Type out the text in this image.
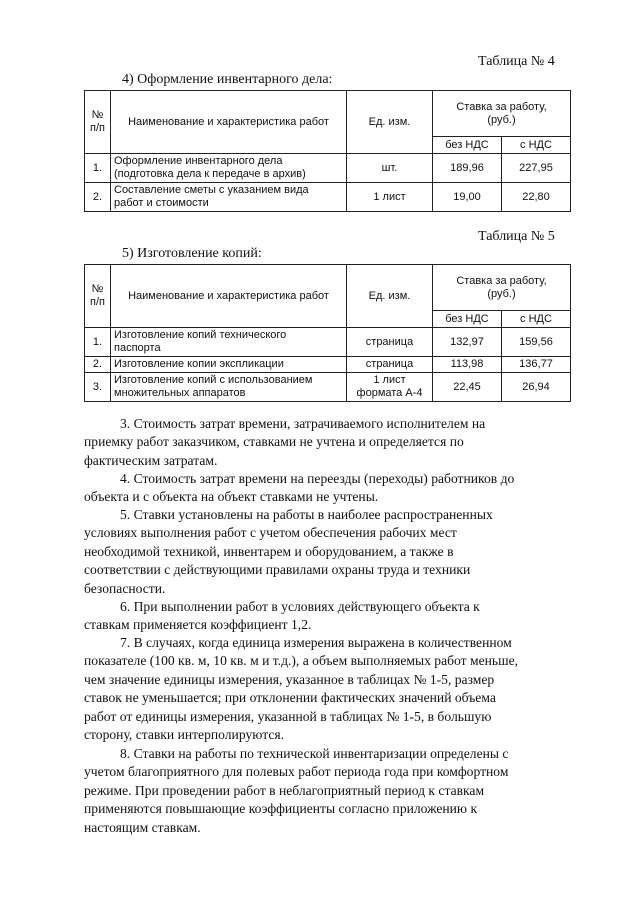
Таблица № 4
4) Оформление инвентарного дела:
№
п/п	Наименование и характеристика работ	Ед. изм.	Ставка за работу,
(руб.)	
			без НДС	с НДС
1.	Оформление инвентарного дела
(подготовка дела к передаче в архив)	шт.	189,96	227,95
2.	Составление сметы с указанием вида
работ и стоимости	1 лист	19,00	22,80
Таблица № 5
5) Изготовление копий:
№
п/п	Наименование и характеристика работ	Ед. изм.	Ставка за работу,
(руб.)	
			без НДС	с НДС
1.	Изготовление копий технического
паспорта	страница	132,97	159,56
2.	Изготовление копии экспликации	страница	113,98	136,77
3.	Изготовление копий с использованием
множительных аппаратов	1 лист
формата А-4	22,45	26,94

3. Стоимость затрат времени, затрачиваемого исполнителем на
приемку работ заказчиком, ставками не учтена и определяется по
фактическим затратам.

4. Стоимость затрат времени на переезды (переходы) работников до
объекта и с объекта на объект ставками не учтены.

5. Ставки установлены на работы в наиболее распространенных
условиях выполнения работ с учетом обеспечения рабочих мест
необходимой техникой, инвентарем и оборудованием, а также в
соответствии с действующими правилами охраны труда и техники
безопасности.

6. При выполнении работ в условиях действующего объекта к
ставкам применяется коэффициент 1,2.

7. В случаях, когда единица измерения выражена в количественном
показателе (100 кв. м, 10 кв. м и т.д.), а объем выполняемых работ меньше,
чем значение единицы измерения, указанное в таблицах № 1-5, размер
ставок не уменьшается; при отклонении фактических значений объема
работ от единицы измерения, указанной в таблицах № 1-5, в большую
сторону, ставки интерполируются.

8. Ставки на работы по технической инвентаризации определены с
учетом благоприятного для полевых работ периода года при комфортном
режиме. При проведении работ в неблагоприятный период к ставкам
применяются повышающие коэффициенты согласно приложению к
настоящим ставкам.
